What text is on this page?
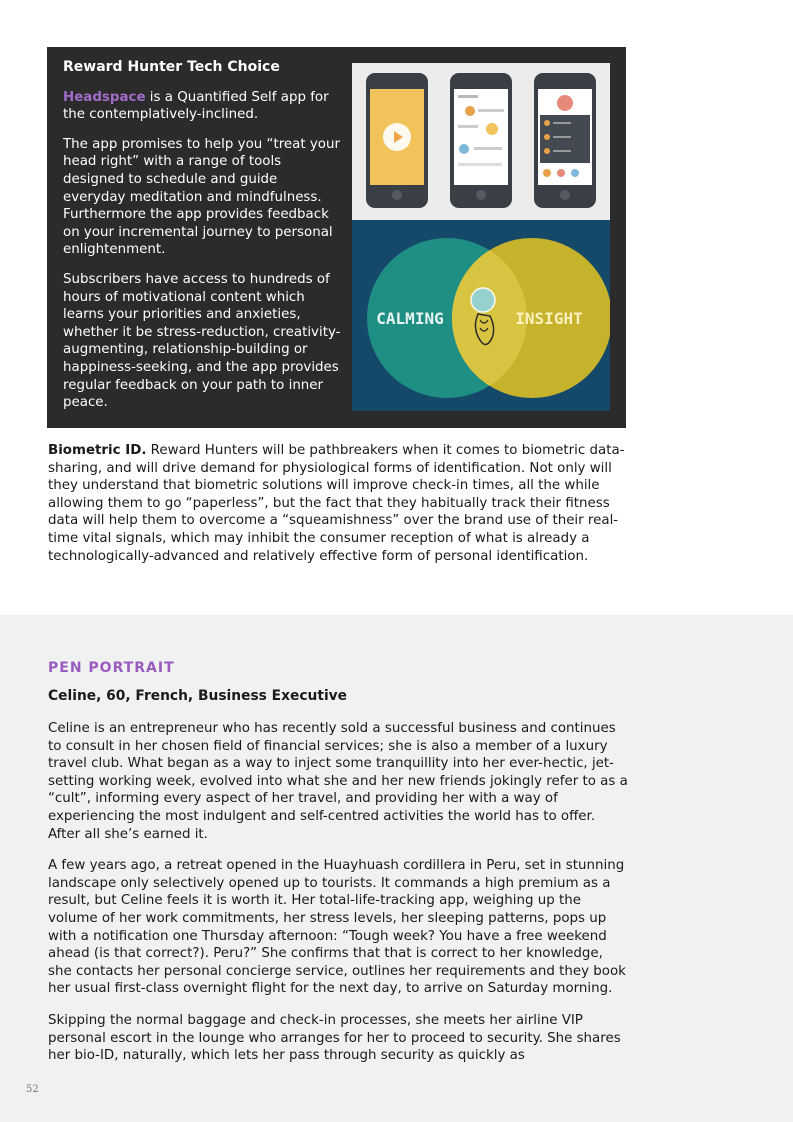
Reward Hunter Tech Choice

Headspace is a Quantified Self app for the contemplatively-inclined.

The app promises to help you “treat your head right” with a range of tools designed to schedule and guide everyday meditation and mindfulness. Furthermore the app provides feedback on your incremental journey to personal enlightenment.

Subscribers have access to hundreds of hours of motivational content which learns your priorities and anxieties, whether it be stress-reduction, creativity-augmenting, relationship-building or happiness-seeking, and the app provides regular feedback on your path to inner peace.

CALMING	INSIGHT

Biometric ID. Reward Hunters will be pathbreakers when it comes to biometric data-sharing, and will drive demand for physiological forms of identification. Not only will they understand that biometric solutions will improve check-in times, all the while allowing them to go “paperless”, but the fact that they habitually track their fitness data will help them to overcome a “squeamishness” over the brand use of their real-time vital signals, which may inhibit the consumer reception of what is already a technologically-advanced and relatively effective form of personal identification.

PEN PORTRAIT
Celine, 60, French, Business Executive

Celine is an entrepreneur who has recently sold a successful business and continues to consult in her chosen field of financial services; she is also a member of a luxury travel club. What began as a way to inject some tranquillity into her ever-hectic, jet-setting working week, evolved into what she and her new friends jokingly refer to as a “cult”, informing every aspect of her travel, and providing her with a way of experiencing the most indulgent and self-centred activities the world has to offer. After all she’s earned it.

A few years ago, a retreat opened in the Huayhuash cordillera in Peru, set in stunning landscape only selectively opened up to tourists. It commands a high premium as a result, but Celine feels it is worth it. Her total-life-tracking app, weighing up the volume of her work commitments, her stress levels, her sleeping patterns, pops up with a notification one Thursday afternoon: “Tough week? You have a free weekend ahead (is that correct?). Peru?” She confirms that that is correct to her knowledge, she contacts her personal concierge service, outlines her requirements and they book her usual first-class overnight flight for the next day, to arrive on Saturday morning.

Skipping the normal baggage and check-in processes, she meets her airline VIP personal escort in the lounge who arranges for her to proceed to security. She shares her bio-ID, naturally, which lets her pass through security as quickly as

52
